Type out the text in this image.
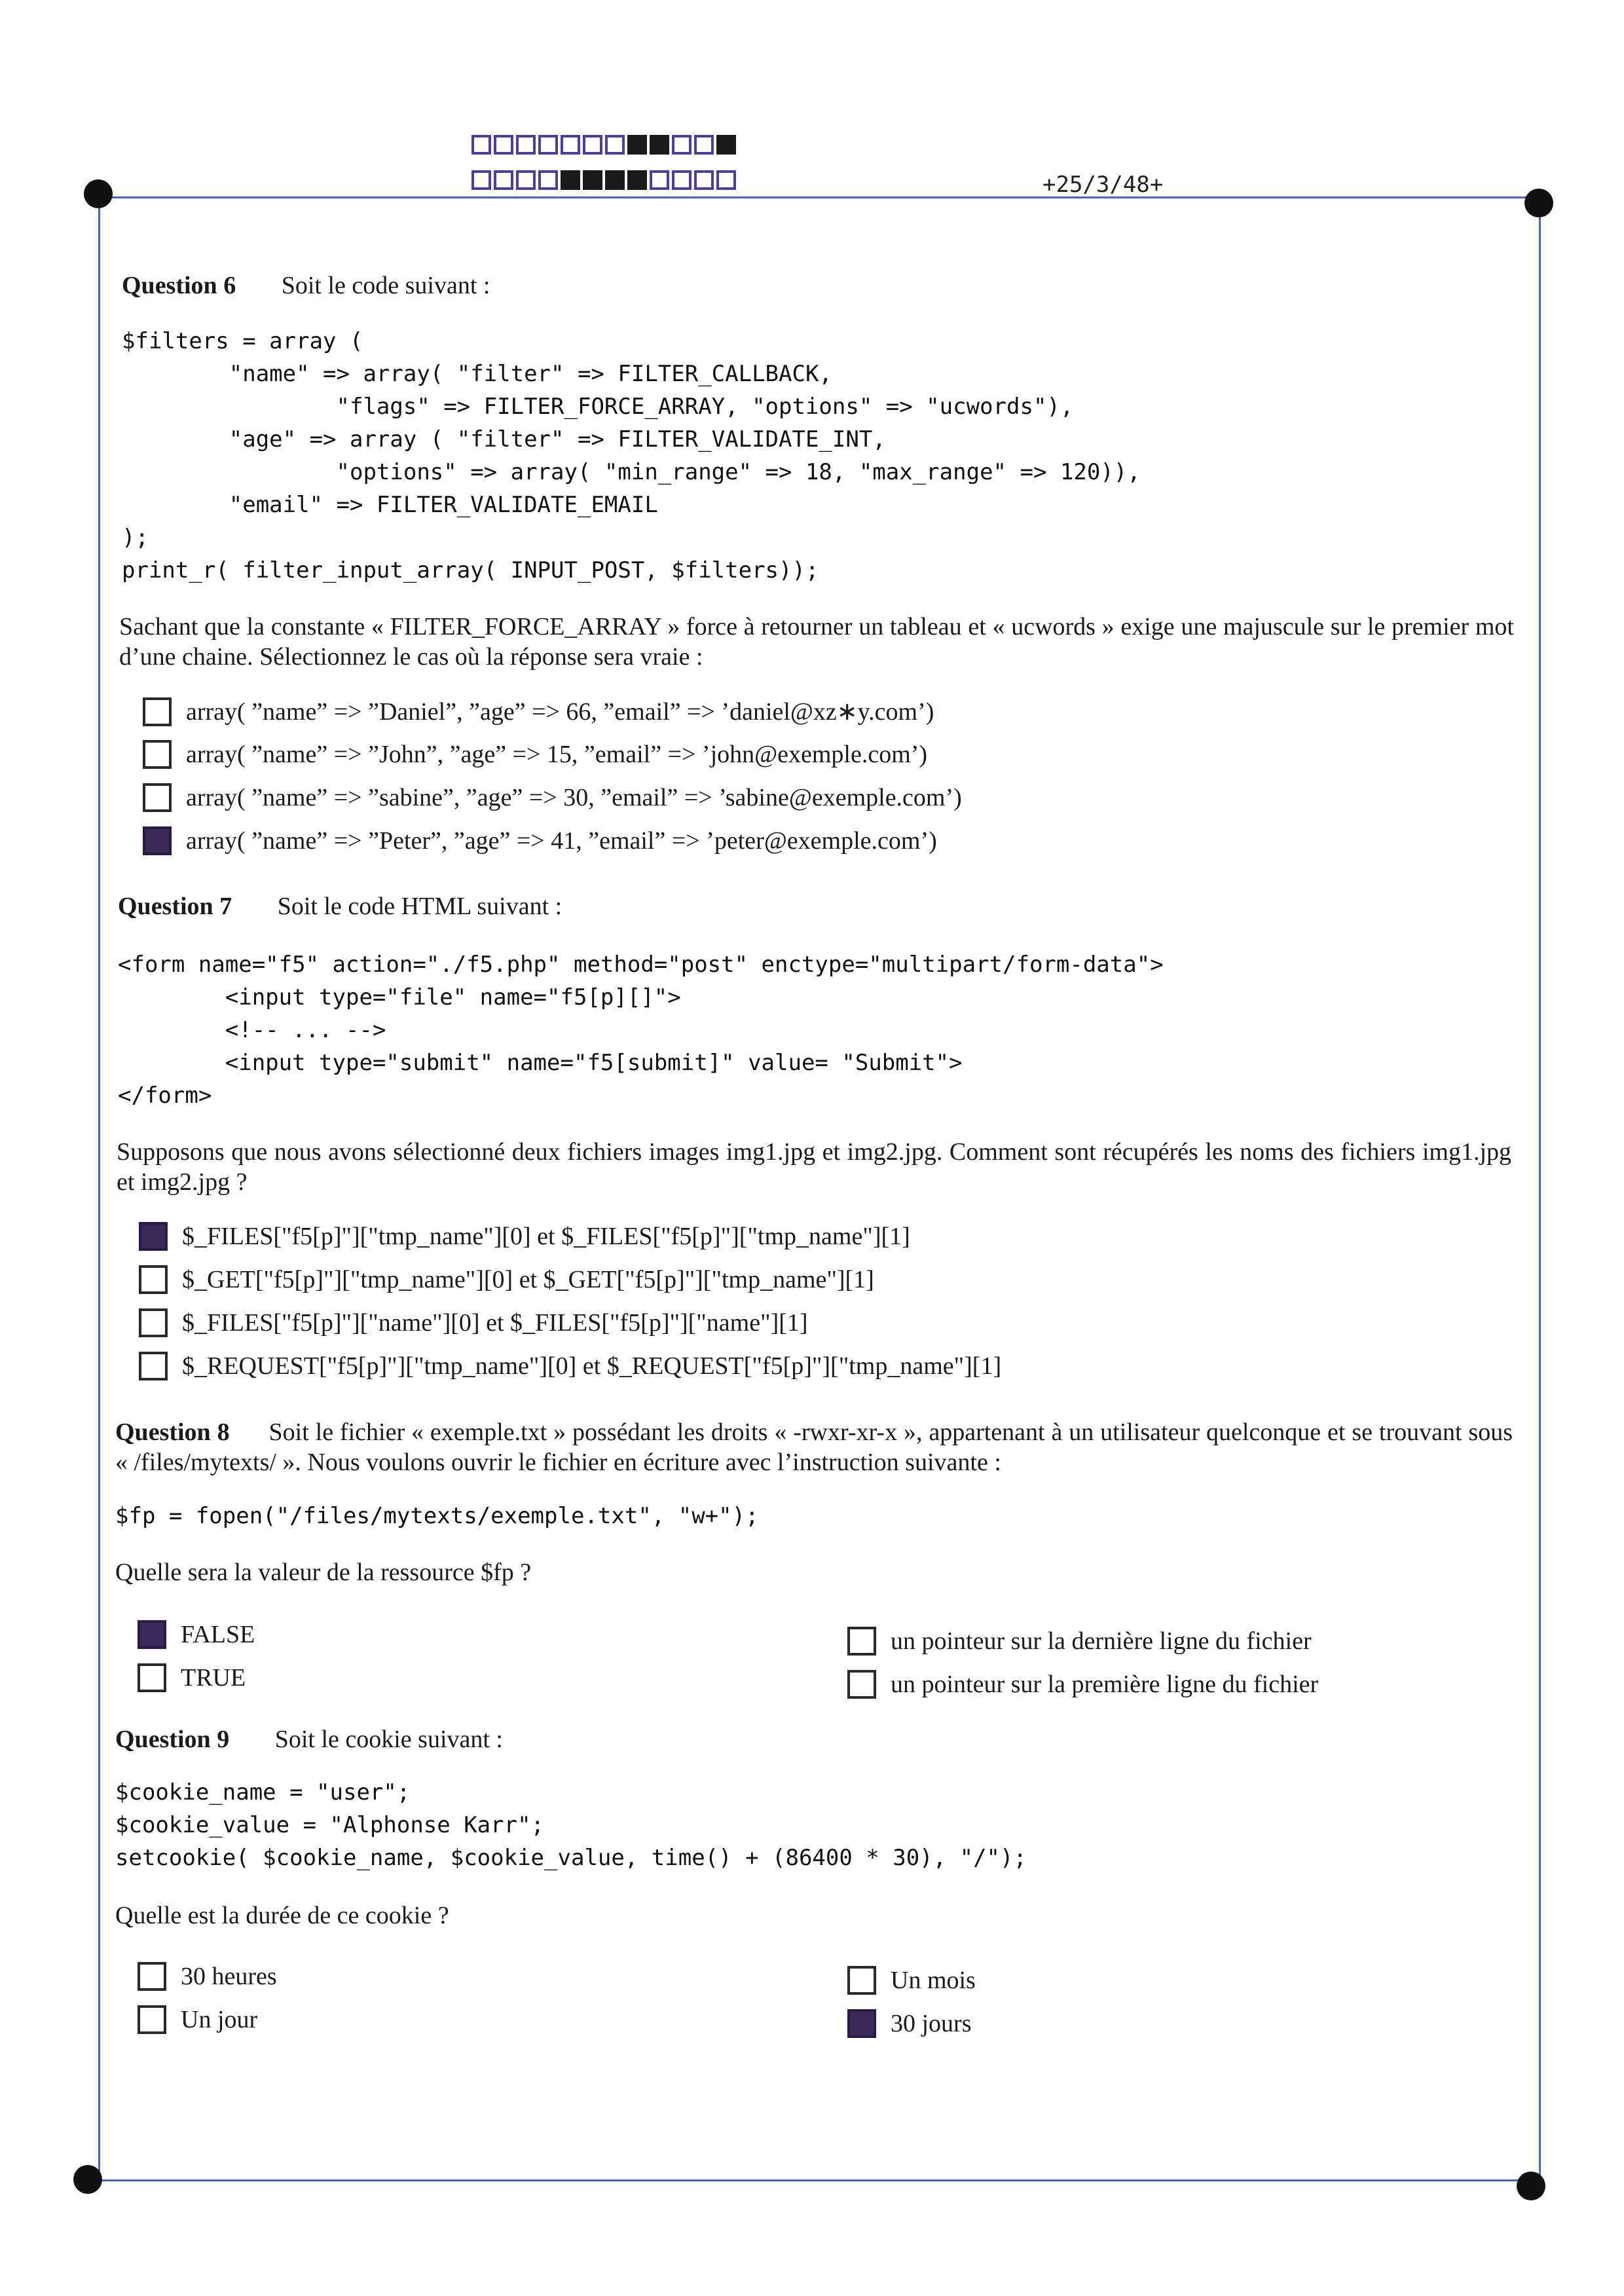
+25/3/48+
Question 6 Soit le code suivant :
$filters = array (
"name" => array( "filter" => FILTER_CALLBACK,
"flags" => FILTER_FORCE_ARRAY, "options" => "ucwords"),
"age" => array ( "filter" => FILTER_VALIDATE_INT,
"options" => array( "min_range" => 18, "max_range" => 120)),
"email" => FILTER_VALIDATE_EMAIL
);
print_r( filter_input_array( INPUT_POST, $filters));
Sachant que la constante « FILTER_FORCE_ARRAY » force à retourner un tableau et « ucwords » exige une majuscule sur le premier mot d’une chaine. Sélectionnez le cas où la réponse sera vraie :
array( ”name” => ”Daniel”, ”age” => 66, ”email” => ’daniel@xz∗y.com’)
array( ”name” => ”John”, ”age” => 15, ”email” => ’john@exemple.com’)
array( ”name” => ”sabine”, ”age” => 30, ”email” => ’sabine@exemple.com’)
array( ”name” => ”Peter”, ”age” => 41, ”email” => ’peter@exemple.com’)
Question 7 Soit le code HTML suivant :
<form name="f5" action="./f5.php" method="post" enctype="multipart/form-data">
<input type="file" name="f5[p][]">
<!-- ... -->
<input type="submit" name="f5[submit]" value= "Submit">
</form>
Supposons que nous avons sélectionné deux fichiers images img1.jpg et img2.jpg. Comment sont récupérés les noms des fichiers img1.jpg et img2.jpg ?
$_FILES["f5[p]"]["tmp_name"][0] et $_FILES["f5[p]"]["tmp_name"][1]
$_GET["f5[p]"]["tmp_name"][0] et $_GET["f5[p]"]["tmp_name"][1]
$_FILES["f5[p]"]["name"][0] et $_FILES["f5[p]"]["name"][1]
$_REQUEST["f5[p]"]["tmp_name"][0] et $_REQUEST["f5[p]"]["tmp_name"][1]
Question 8 Soit le fichier « exemple.txt » possédant les droits « -rwxr-xr-x », appartenant à un utilisateur quelconque et se trouvant sous « /files/mytexts/ ». Nous voulons ouvrir le fichier en écriture avec l’instruction suivante :
$fp = fopen("/files/mytexts/exemple.txt", "w+");
Quelle sera la valeur de la ressource $fp ?
FALSE
TRUE
un pointeur sur la dernière ligne du fichier
un pointeur sur la première ligne du fichier
Question 9 Soit le cookie suivant :
$cookie_name = "user";
$cookie_value = "Alphonse Karr";
setcookie( $cookie_name, $cookie_value, time() + (86400 * 30), "/");
Quelle est la durée de ce cookie ?
30 heures
Un jour
Un mois
30 jours
